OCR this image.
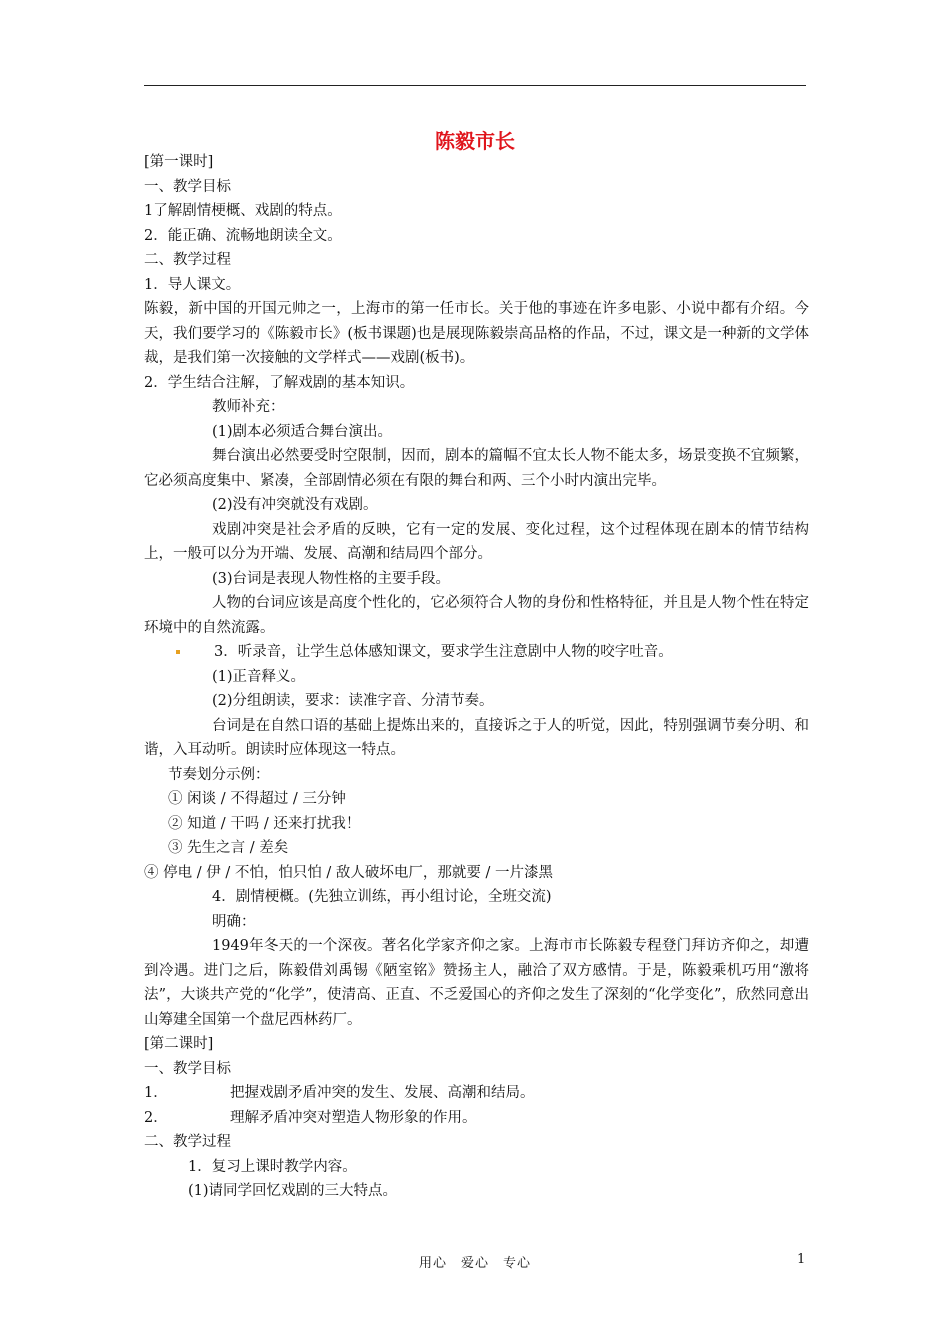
陈毅市长

[第一课时]

一、教学目标

1了解剧情梗概、戏剧的特点。

2．能正确、流畅地朗读全文。

二、教学过程

1．导人课文。

陈毅，新中国的开国元帅之一，上海市的第一任市长。关于他的事迹在许多电影、小说中都有介绍。今天，我们要学习的《陈毅市长》(板书课题)也是展现陈毅崇高品格的作品，不过，课文是一种新的文学体裁，是我们第一次接触的文学样式——戏剧(板书)。

2．学生结合注解，了解戏剧的基本知识。

教师补充：

(1)剧本必须适合舞台演出。

舞台演出必然要受时空限制，因而，剧本的篇幅不宜太长人物不能太多，场景变换不宜频繁，它必须高度集中、紧凑，全部剧情必须在有限的舞台和两、三个小时内演出完毕。

(2)没有冲突就没有戏剧。

戏剧冲突是社会矛盾的反映，它有一定的发展、变化过程，这个过程体现在剧本的情节结构上，一般可以分为开端、发展、高潮和结局四个部分。

(3)台词是表现人物性格的主要手段。

人物的台词应该是高度个性化的，它必须符合人物的身份和性格特征，并且是人物个性在特定环境中的自然流露。

3．听录音，让学生总体感知课文，要求学生注意剧中人物的咬字吐音。

(1)正音释义。

(2)分组朗读，要求：读准字音、分清节奏。

台词是在自然口语的基础上提炼出来的，直接诉之于人的听觉，因此，特别强调节奏分明、和谐，入耳动听。朗读时应体现这一特点。

节奏划分示例：

① 闲谈 / 不得超过 / 三分钟

② 知道 / 干吗 / 还来打扰我！

③ 先生之言 / 差矣

④ 停电 / 伊 / 不怕，怕只怕 / 敌人破坏电厂，那就要 / 一片漆黑

4．剧情梗概。(先独立训练，再小组讨论，全班交流)

明确：

1949年冬天的一个深夜。著名化学家齐仰之家。上海市市长陈毅专程登门拜访齐仰之，却遭到冷遇。进门之后，陈毅借刘禹锡《陋室铭》赞扬主人，融洽了双方感情。于是，陈毅乘机巧用“激将法”，大谈共产党的“化学”，使清高、正直、不乏爱国心的齐仰之发生了深刻的“化学变化”，欣然同意出山筹建全国第一个盘尼西林药厂。

[第二课时]

一、教学目标

1．	把握戏剧矛盾冲突的发生、发展、高潮和结局。

2．	理解矛盾冲突对塑造人物形象的作用。

二、教学过程

1．复习上课时教学内容。

(1)请同学回忆戏剧的三大特点。

用心　爱心　专心	1
